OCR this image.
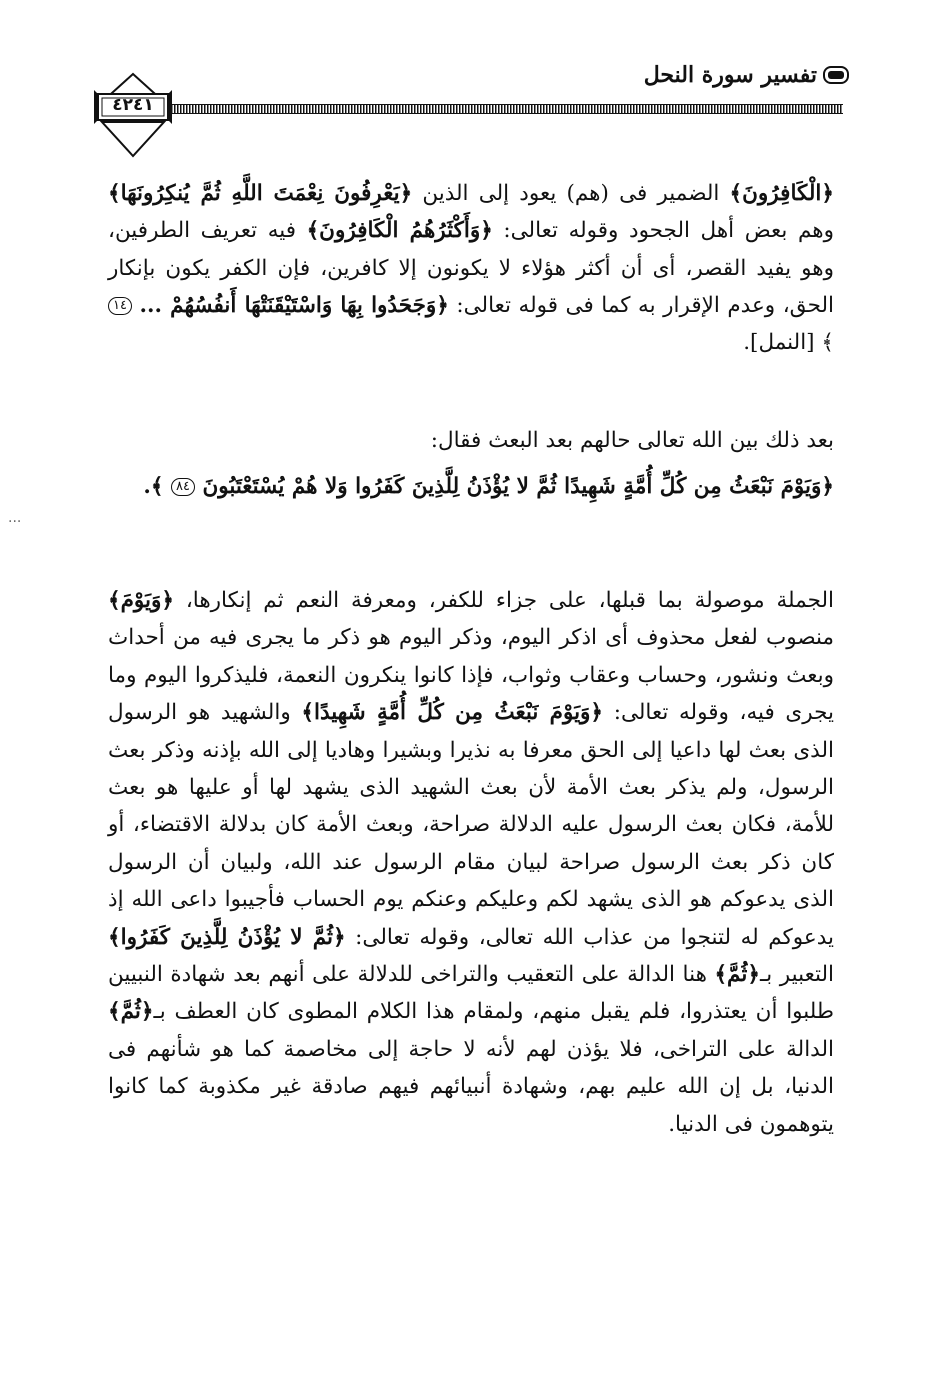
تفسير سورة النحل
٤٢٤١
﴿الْكَافِرُونَ﴾ الضمير فى (هم) يعود إلى الذين ﴿يَعْرِفُونَ نِعْمَتَ اللَّهِ ثُمَّ يُنكِرُونَهَا﴾ وهم بعض أهل الجحود وقوله تعالى: ﴿وَأَكْثَرُهُمُ الْكَافِرُونَ﴾ فيه تعريف الطرفين، وهو يفيد القصر، أى أن أكثر هؤلاء لا يكونون إلا كافرين، فإن الكفر يكون بإنكار الحق، وعدم الإقرار به كما فى قوله تعالى: ﴿وَجَحَدُوا بِهَا وَاسْتَيْقَنَتْهَا أَنفُسُهُمْ ... ١٤ ﴾ [النمل].
بعد ذلك بين الله تعالى حالهم بعد البعث فقال:
﴿وَيَوْمَ نَبْعَثُ مِن كُلِّ أُمَّةٍ شَهِيدًا ثُمَّ لا يُؤْذَنُ لِلَّذِينَ كَفَرُوا وَلا هُمْ يُسْتَعْتَبُونَ ٨٤ ﴾.
...
الجملة موصولة بما قبلها، على جزاء للكفر، ومعرفة النعم ثم إنكارها، ﴿وَيَوْمَ﴾ منصوب لفعل محذوف أى اذكر اليوم، وذكر اليوم هو ذكر ما يجرى فيه من أحداث وبعث ونشور، وحساب وعقاب وثواب، فإذا كانوا ينكرون النعمة، فليذكروا اليوم وما يجرى فيه، وقوله تعالى: ﴿وَيَوْمَ نَبْعَثُ مِن كُلِّ أُمَّةٍ شَهِيدًا﴾ والشهيد هو الرسول الذى بعث لها داعيا إلى الحق معرفا به نذيرا وبشيرا وهاديا إلى الله بإذنه وذكر بعث الرسول، ولم يذكر بعث الأمة لأن بعث الشهيد الذى يشهد لها أو عليها هو بعث للأمة، فكان بعث الرسول عليه الدلالة صراحة، وبعث الأمة كان بدلالة الاقتضاء، أو كان ذكر بعث الرسول صراحة لبيان مقام الرسول عند الله، ولبيان أن الرسول الذى يدعوكم هو الذى يشهد لكم وعليكم وعنكم يوم الحساب فأجيبوا داعى الله إذ يدعوكم له لتنجوا من عذاب الله تعالى، وقوله تعالى: ﴿ثُمَّ لا يُؤْذَنُ لِلَّذِينَ كَفَرُوا﴾ التعبير بـ﴿ثُمَّ﴾ هنا الدالة على التعقيب والتراخى للدلالة على أنهم بعد شهادة النبيين طلبوا أن يعتذروا، فلم يقبل منهم، ولمقام هذا الكلام المطوى كان العطف بـ﴿ثُمَّ﴾ الدالة على التراخى، فلا يؤذن لهم لأنه لا حاجة إلى مخاصمة كما هو شأنهم فى الدنيا، بل إن الله عليم بهم، وشهادة أنبيائهم فيهم صادقة غير مكذوبة كما كانوا يتوهمون فى الدنيا.
